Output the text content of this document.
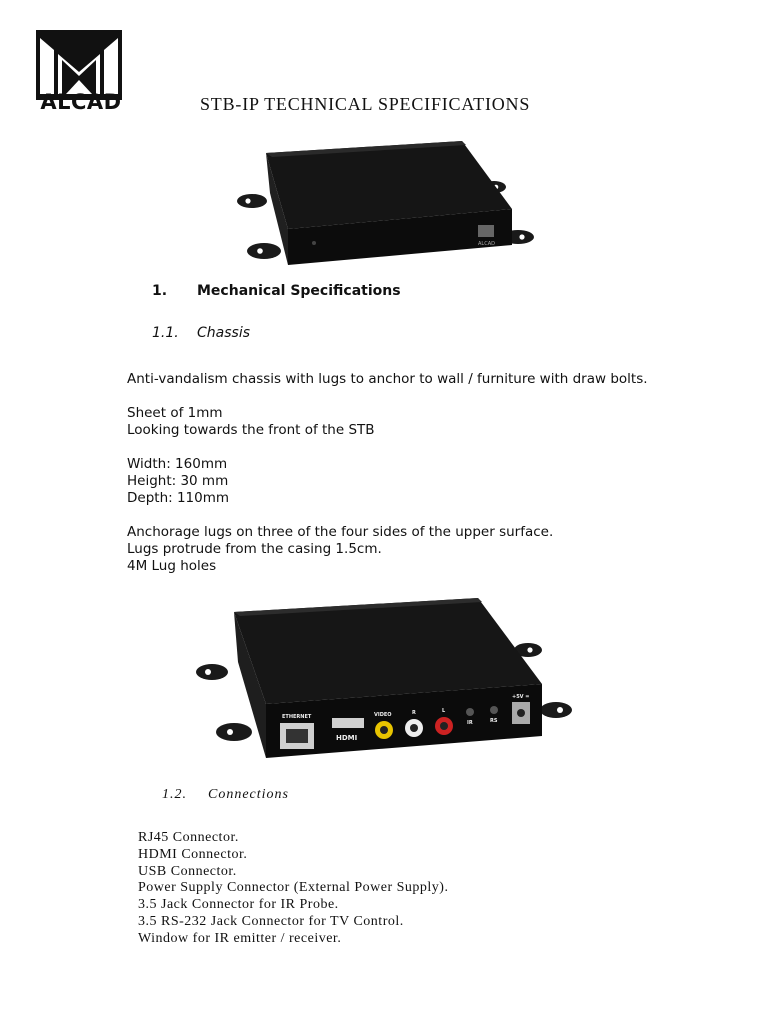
ALCAD	STB-IP TECHNICAL SPECIFICATIONS
ALCAD
1. Mechanical Specifications
1.1. Chassis

Anti-vandalism chassis with lugs to anchor to wall / furniture with draw bolts.

Sheet of 1mm

Looking towards the front of the STB

Width: 160mm

Height: 30 mm

Depth: 110mm

Anchorage lugs on three of the four sides of the upper surface.

Lugs protrude from the casing 1.5cm.

4M Lug holes

ETHERNET
HDMI
VIDEO	R	L
IR	RS
+5V =
1.2. Connections
RJ45 Connector.
HDMI Connector.
USB Connector.
Power Supply Connector (External Power Supply).
3.5 Jack Connector for IR Probe.
3.5 RS-232 Jack Connector for TV Control.
Window for IR emitter / receiver.
